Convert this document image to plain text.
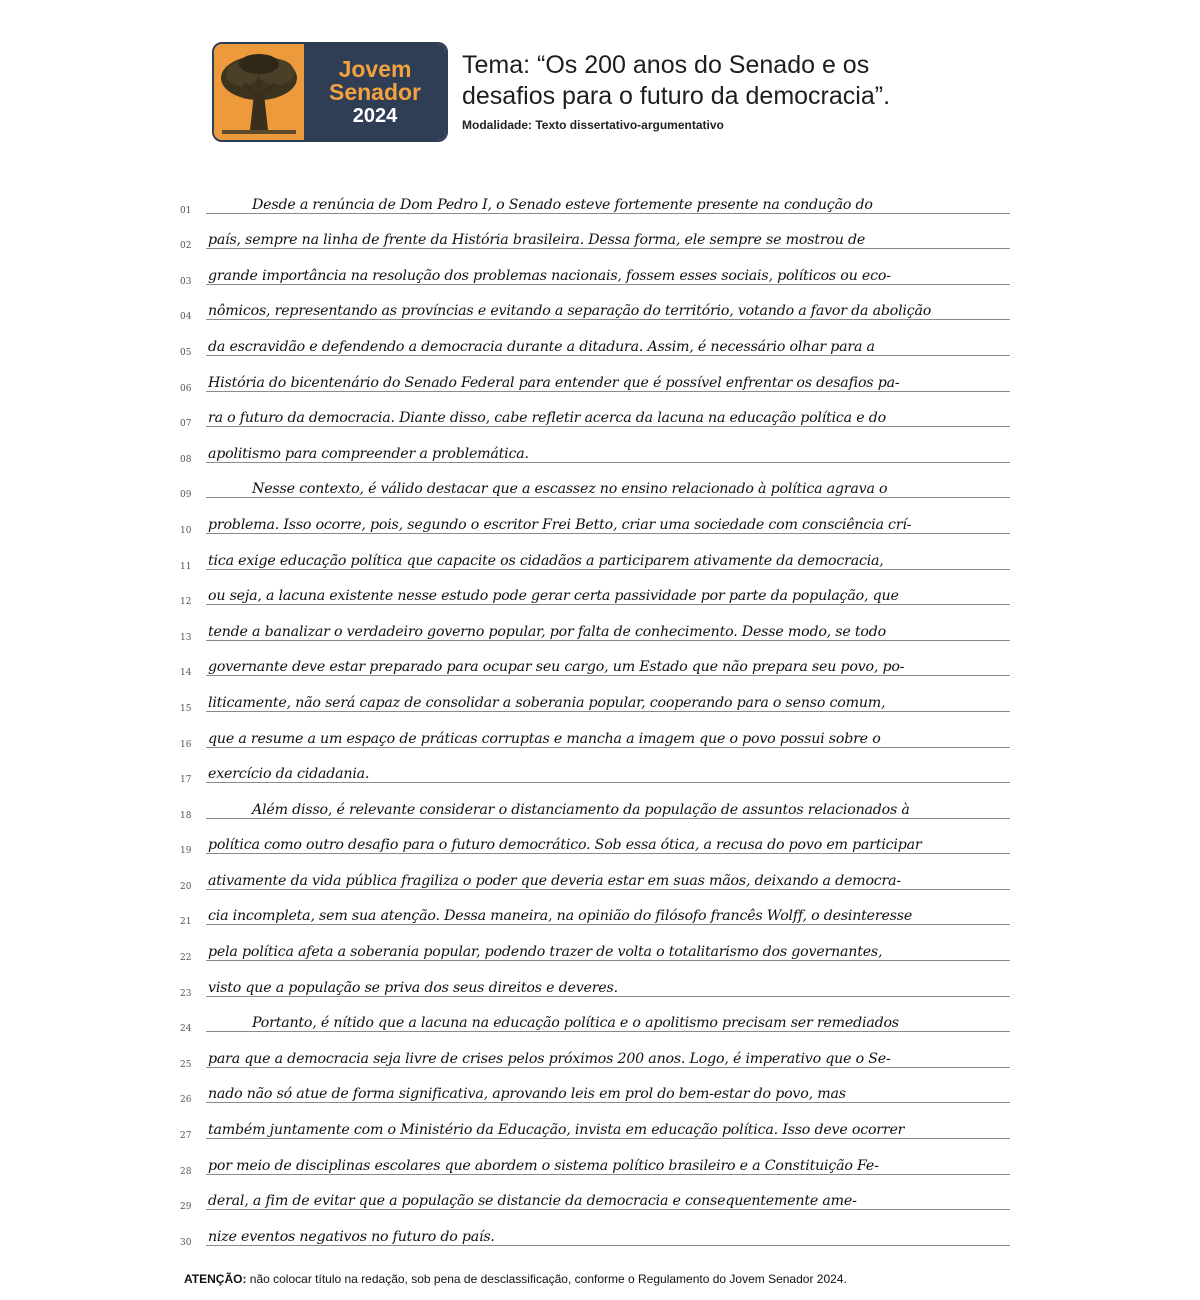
Jovem
Senador
2024
Tema: “Os 200 anos do Senado e os
desafios para o futuro da democracia”.
Modalidade: Texto dissertativo-argumentativo
01	Desde a renúncia de Dom Pedro I, o Senado esteve fortemente presente na condução do
02	país, sempre na linha de frente da História brasileira. Dessa forma, ele sempre se mostrou de
03	grande importância na resolução dos problemas nacionais, fossem esses sociais, políticos ou eco-
04	nômicos, representando as províncias e evitando a separação do território, votando a favor da abolição
05	da escravidão e defendendo a democracia durante a ditadura. Assim, é necessário olhar para a
06	História do bicentenário do Senado Federal para entender que é possível enfrentar os desafios pa-
07	ra o futuro da democracia. Diante disso, cabe refletir acerca da lacuna na educação política e do
08	apolitismo para compreender a problemática.
09	Nesse contexto, é válido destacar que a escassez no ensino relacionado à política agrava o
10	problema. Isso ocorre, pois, segundo o escritor Frei Betto, criar uma sociedade com consciência crí-
11	tica exige educação política que capacite os cidadãos a participarem ativamente da democracia,
12	ou seja, a lacuna existente nesse estudo pode gerar certa passividade por parte da população, que
13	tende a banalizar o verdadeiro governo popular, por falta de conhecimento. Desse modo, se todo
14	governante deve estar preparado para ocupar seu cargo, um Estado que não prepara seu povo, po-
15	liticamente, não será capaz de consolidar a soberania popular, cooperando para o senso comum,
16	que a resume a um espaço de práticas corruptas e mancha a imagem que o povo possui sobre o
17	exercício da cidadania.
18	Além disso, é relevante considerar o distanciamento da população de assuntos relacionados à
19	política como outro desafio para o futuro democrático. Sob essa ótica, a recusa do povo em participar
20	ativamente da vida pública fragiliza o poder que deveria estar em suas mãos, deixando a democra-
21	cia incompleta, sem sua atenção. Dessa maneira, na opinião do filósofo francês Wolff, o desinteresse
22	pela política afeta a soberania popular, podendo trazer de volta o totalitarismo dos governantes,
23	visto que a população se priva dos seus direitos e deveres.
24	Portanto, é nítido que a lacuna na educação política e o apolitismo precisam ser remediados
25	para que a democracia seja livre de crises pelos próximos 200 anos. Logo, é imperativo que o Se-
26	nado não só atue de forma significativa, aprovando leis em prol do bem-estar do povo, mas
27	também juntamente com o Ministério da Educação, invista em educação política. Isso deve ocorrer
28	por meio de disciplinas escolares que abordem o sistema político brasileiro e a Constituição Fe-
29	deral, a fim de evitar que a população se distancie da democracia e consequentemente ame-
30	nize eventos negativos no futuro do país.
ATENÇÃO: não colocar título na redação, sob pena de desclassificação, conforme o Regulamento do Jovem Senador 2024.
